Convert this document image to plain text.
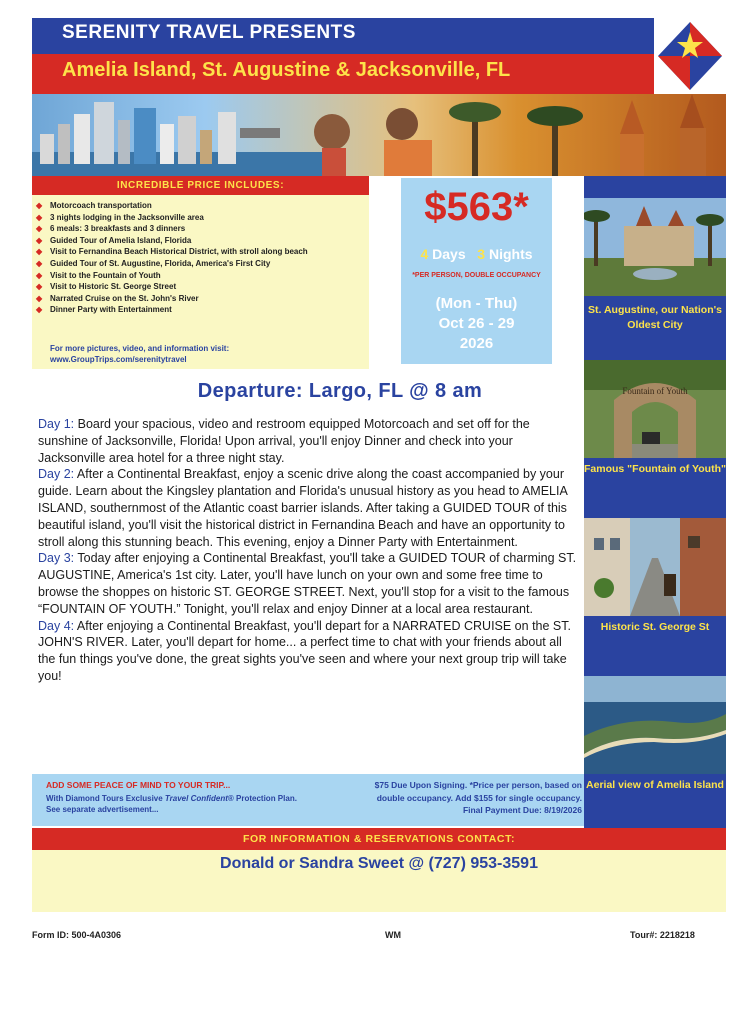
SERENITY TRAVEL PRESENTS
Amelia Island, St. Augustine & Jacksonville, FL
INCREDIBLE PRICE INCLUDES:
◆ Motorcoach transportation
◆ 3 nights lodging in the Jacksonville area
◆ 6 meals: 3 breakfasts and 3 dinners
◆ Guided Tour of Amelia Island, Florida
◆ Visit to Fernandina Beach Historical District, with stroll along beach
◆ Guided Tour of St. Augustine, Florida, America's First City
◆ Visit to the Fountain of Youth
◆ Visit to Historic St. George Street
◆ Narrated Cruise on the St. John's River
◆ Dinner Party with Entertainment
For more pictures, video, and information visit:
www.GroupTrips.com/serenitytravel
$563*
4 Days 3 Nights
*PER PERSON, DOUBLE OCCUPANCY
(Mon - Thu)
Oct 26 - 29
2026
St. Augustine, our Nation's Oldest City
Fountain of Youth
Famous "Fountain of Youth"
Historic St. George St
Aerial view of Amelia Island
Departure: Largo, FL @ 8 am

Day 1: Board your spacious, video and restroom equipped Motorcoach and set off for the sunshine of Jacksonville, Florida! Upon arrival, you'll enjoy Dinner and check into your Jacksonville area hotel for a three night stay.

Day 2: After a Continental Breakfast, enjoy a scenic drive along the coast accompanied by your guide. Learn about the Kingsley plantation and Florida's unusual history as you head to AMELIA ISLAND, southernmost of the Atlantic coast barrier islands. After taking a GUIDED TOUR of this beautiful island, you'll visit the historical district in Fernandina Beach and have an opportunity to stroll along this stunning beach. This evening, enjoy a Dinner Party with Entertainment.

Day 3: Today after enjoying a Continental Breakfast, you'll take a GUIDED TOUR of charming ST. AUGUSTINE, America's 1st city. Later, you'll have lunch on your own and some free time to browse the shoppes on historic ST. GEORGE STREET. Next, you'll stop for a visit to the famous “FOUNTAIN OF YOUTH.” Tonight, you'll relax and enjoy Dinner at a local area restaurant.

Day 4: After enjoying a Continental Breakfast, you'll depart for a NARRATED CRUISE on the ST. JOHN'S RIVER. Later, you'll depart for home... a perfect time to chat with your friends about all the fun things you've done, the great sights you've seen and where your next group trip will take you!

ADD SOME PEACE OF MIND TO YOUR TRIP...
With Diamond Tours Exclusive Travel Confident® Protection Plan.
See separate advertisement...
$75 Due Upon Signing. *Price per person, based on
double occupancy. Add $155 for single occupancy.
Final Payment Due: 8/19/2026
FOR INFORMATION & RESERVATIONS CONTACT:
Donald or Sandra Sweet @ (727) 953-3591
Form ID: 500-4A0306	WM	Tour#: 2218218
